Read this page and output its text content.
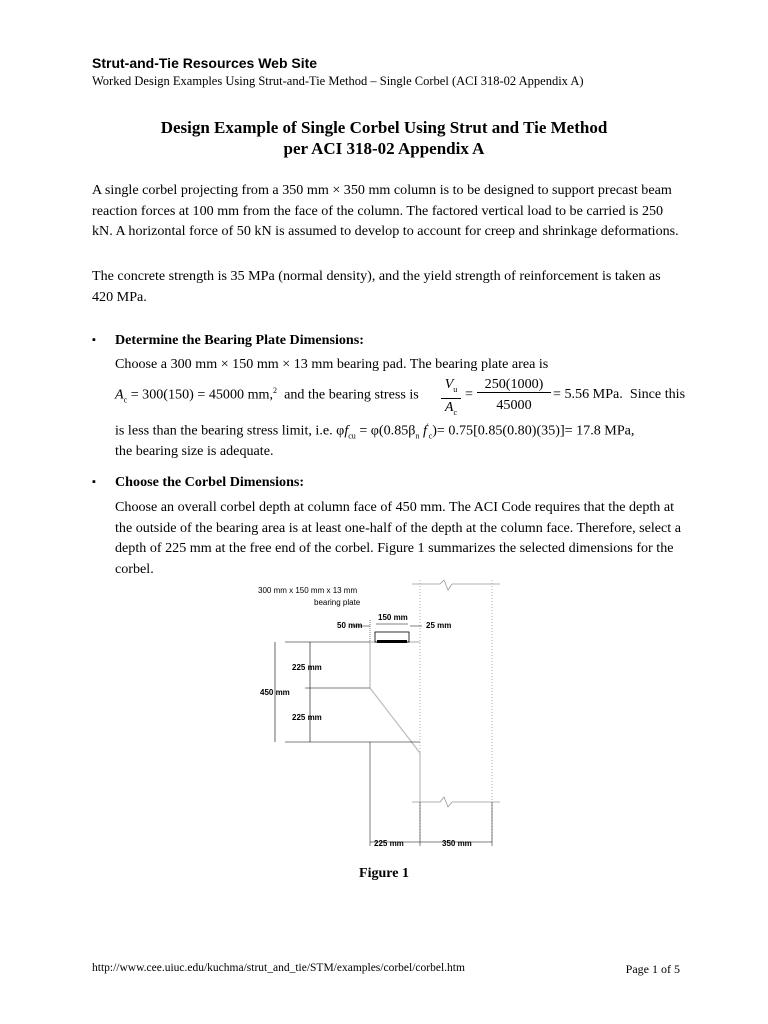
Strut-and-Tie Resources Web Site
Worked Design Examples Using Strut-and-Tie Method – Single Corbel (ACI 318-02 Appendix A)
Design Example of Single Corbel Using Strut and Tie Method
per ACI 318-02 Appendix A
A single corbel projecting from a 350 mm × 350 mm column is to be designed to support precast beam reaction forces at 100 mm from the face of the column. The factored vertical load to be carried is 250 kN. A horizontal force of 50 kN is assumed to develop to account for creep and shrinkage deformations.
The concrete strength is 35 MPa (normal density), and the yield strength of reinforcement is taken as 420 MPa.
▪ Determine the Bearing Plate Dimensions:
Choose a 300 mm × 150 mm × 13 mm bearing pad. The bearing plate area is
$A_c = 300(150) = 45000$ mm,$^2$ and the bearing stress is
$V_u$
$A_c$
= $\frac{250(1000)}{45000} = 5.56$ MPa. Since this
is less than the bearing stress limit, i.e. $\varphi f_{cu} = \varphi(0.85\beta_n$ $f'_c)= 0.75[0.85(0.80)(35)]= 17.8$ MPa,
the bearing size is adequate.
▪ Choose the Corbel Dimensions:
Choose an overall corbel depth at column face of 450 mm. The ACI Code requires that the depth at the outside of the bearing area is at least one-half of the depth at the column face. Therefore, select a depth of 225 mm at the free end of the corbel. Figure 1 summarizes the selected dimensions for the corbel.
300 mm x 150 mm x 13 mm
bearing plate
150 mm
50 mm	25 mm
225 mm
450 mm
225 mm
225 mm	350 mm
Figure 1
http://www.cee.uiuc.edu/kuchma/strut_and_tie/STM/examples/corbel/corbel.htm	Page 1 of 5
